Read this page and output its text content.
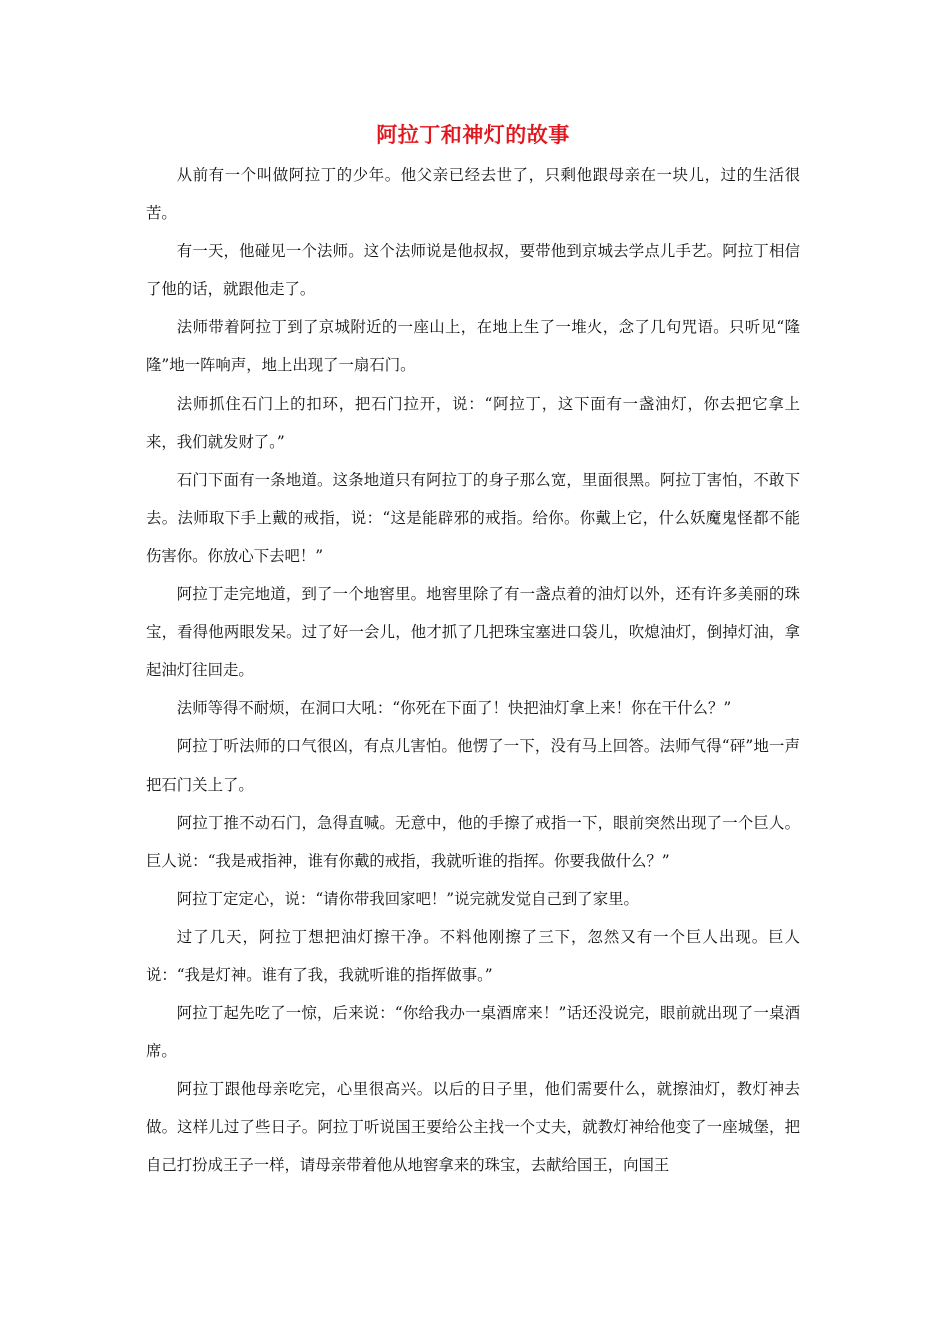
阿拉丁和神灯的故事

从前有一个叫做阿拉丁的少年。他父亲已经去世了，只剩他跟母亲在一块儿，过的生活很苦。

有一天，他碰见一个法师。这个法师说是他叔叔，要带他到京城去学点儿手艺。阿拉丁相信了他的话，就跟他走了。

法师带着阿拉丁到了京城附近的一座山上，在地上生了一堆火，念了几句咒语。只听见“隆隆”地一阵响声，地上出现了一扇石门。

法师抓住石门上的扣环，把石门拉开，说：“阿拉丁，这下面有一盏油灯，你去把它拿上来，我们就发财了。”

石门下面有一条地道。这条地道只有阿拉丁的身子那么宽，里面很黑。阿拉丁害怕，不敢下去。法师取下手上戴的戒指，说：“这是能辟邪的戒指。给你。你戴上它，什么妖魔鬼怪都不能伤害你。你放心下去吧！”

阿拉丁走完地道，到了一个地窖里。地窖里除了有一盏点着的油灯以外，还有许多美丽的珠宝，看得他两眼发呆。过了好一会儿，他才抓了几把珠宝塞进口袋儿，吹熄油灯，倒掉灯油，拿起油灯往回走。

法师等得不耐烦，在洞口大吼：“你死在下面了！快把油灯拿上来！你在干什么？”

阿拉丁听法师的口气很凶，有点儿害怕。他愣了一下，没有马上回答。法师气得“砰”地一声把石门关上了。

阿拉丁推不动石门，急得直喊。无意中，他的手擦了戒指一下，眼前突然出现了一个巨人。巨人说：“我是戒指神，谁有你戴的戒指，我就听谁的指挥。你要我做什么？”

阿拉丁定定心，说：“请你带我回家吧！”说完就发觉自己到了家里。

过了几天，阿拉丁想把油灯擦干净。不料他刚擦了三下，忽然又有一个巨人出现。巨人说：“我是灯神。谁有了我，我就听谁的指挥做事。”

阿拉丁起先吃了一惊，后来说：“你给我办一桌酒席来！”话还没说完，眼前就出现了一桌酒席。

阿拉丁跟他母亲吃完，心里很高兴。以后的日子里，他们需要什么，就擦油灯，教灯神去做。这样儿过了些日子。阿拉丁听说国王要给公主找一个丈夫，就教灯神给他变了一座城堡，把自己打扮成王子一样，请母亲带着他从地窖拿来的珠宝，去献给国王，向国王
